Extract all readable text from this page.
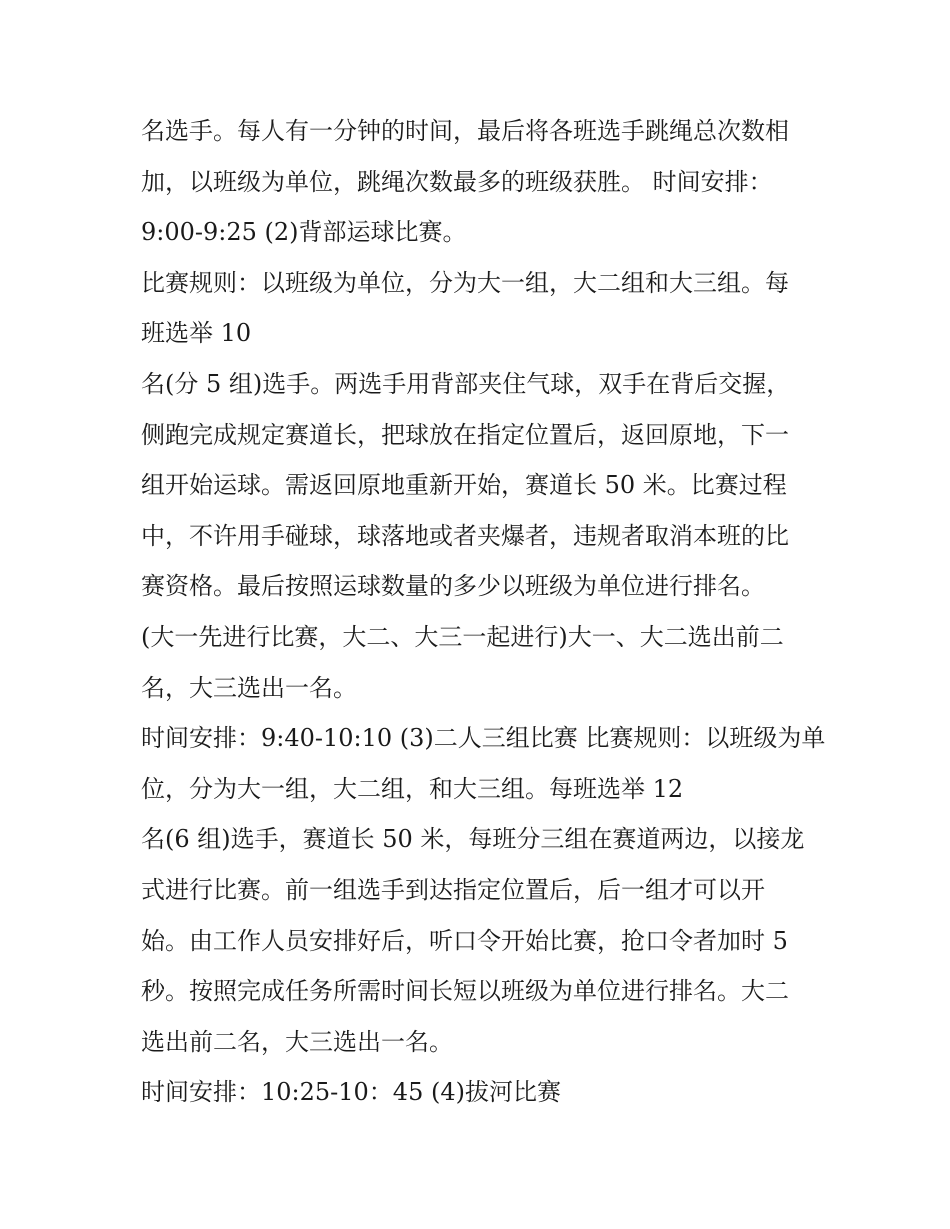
名选手。每人有一分钟的时间，最后将各班选手跳绳总次数相
加，以班级为单位，跳绳次数最多的班级获胜。 时间安排：
9:00-9:25 (2)背部运球比赛。
比赛规则：以班级为单位，分为大一组，大二组和大三组。每
班选举 10
名(分 5 组)选手。两选手用背部夹住气球，双手在背后交握，
侧跑完成规定赛道长，把球放在指定位置后，返回原地，下一
组开始运球。需返回原地重新开始，赛道长 50 米。比赛过程
中，不许用手碰球，球落地或者夹爆者，违规者取消本班的比
赛资格。最后按照运球数量的多少以班级为单位进行排名。
(大一先进行比赛，大二、大三一起进行)大一、大二选出前二
名，大三选出一名。
时间安排：9:40-10:10 (3)二人三组比赛 比赛规则：以班级为单
位，分为大一组，大二组，和大三组。每班选举 12
名(6 组)选手，赛道长 50 米，每班分三组在赛道两边，以接龙
式进行比赛。前一组选手到达指定位置后，后一组才可以开
始。由工作人员安排好后，听口令开始比赛，抢口令者加时 5
秒。按照完成任务所需时间长短以班级为单位进行排名。大二
选出前二名，大三选出一名。
时间安排：10:25-10：45 (4)拔河比赛
